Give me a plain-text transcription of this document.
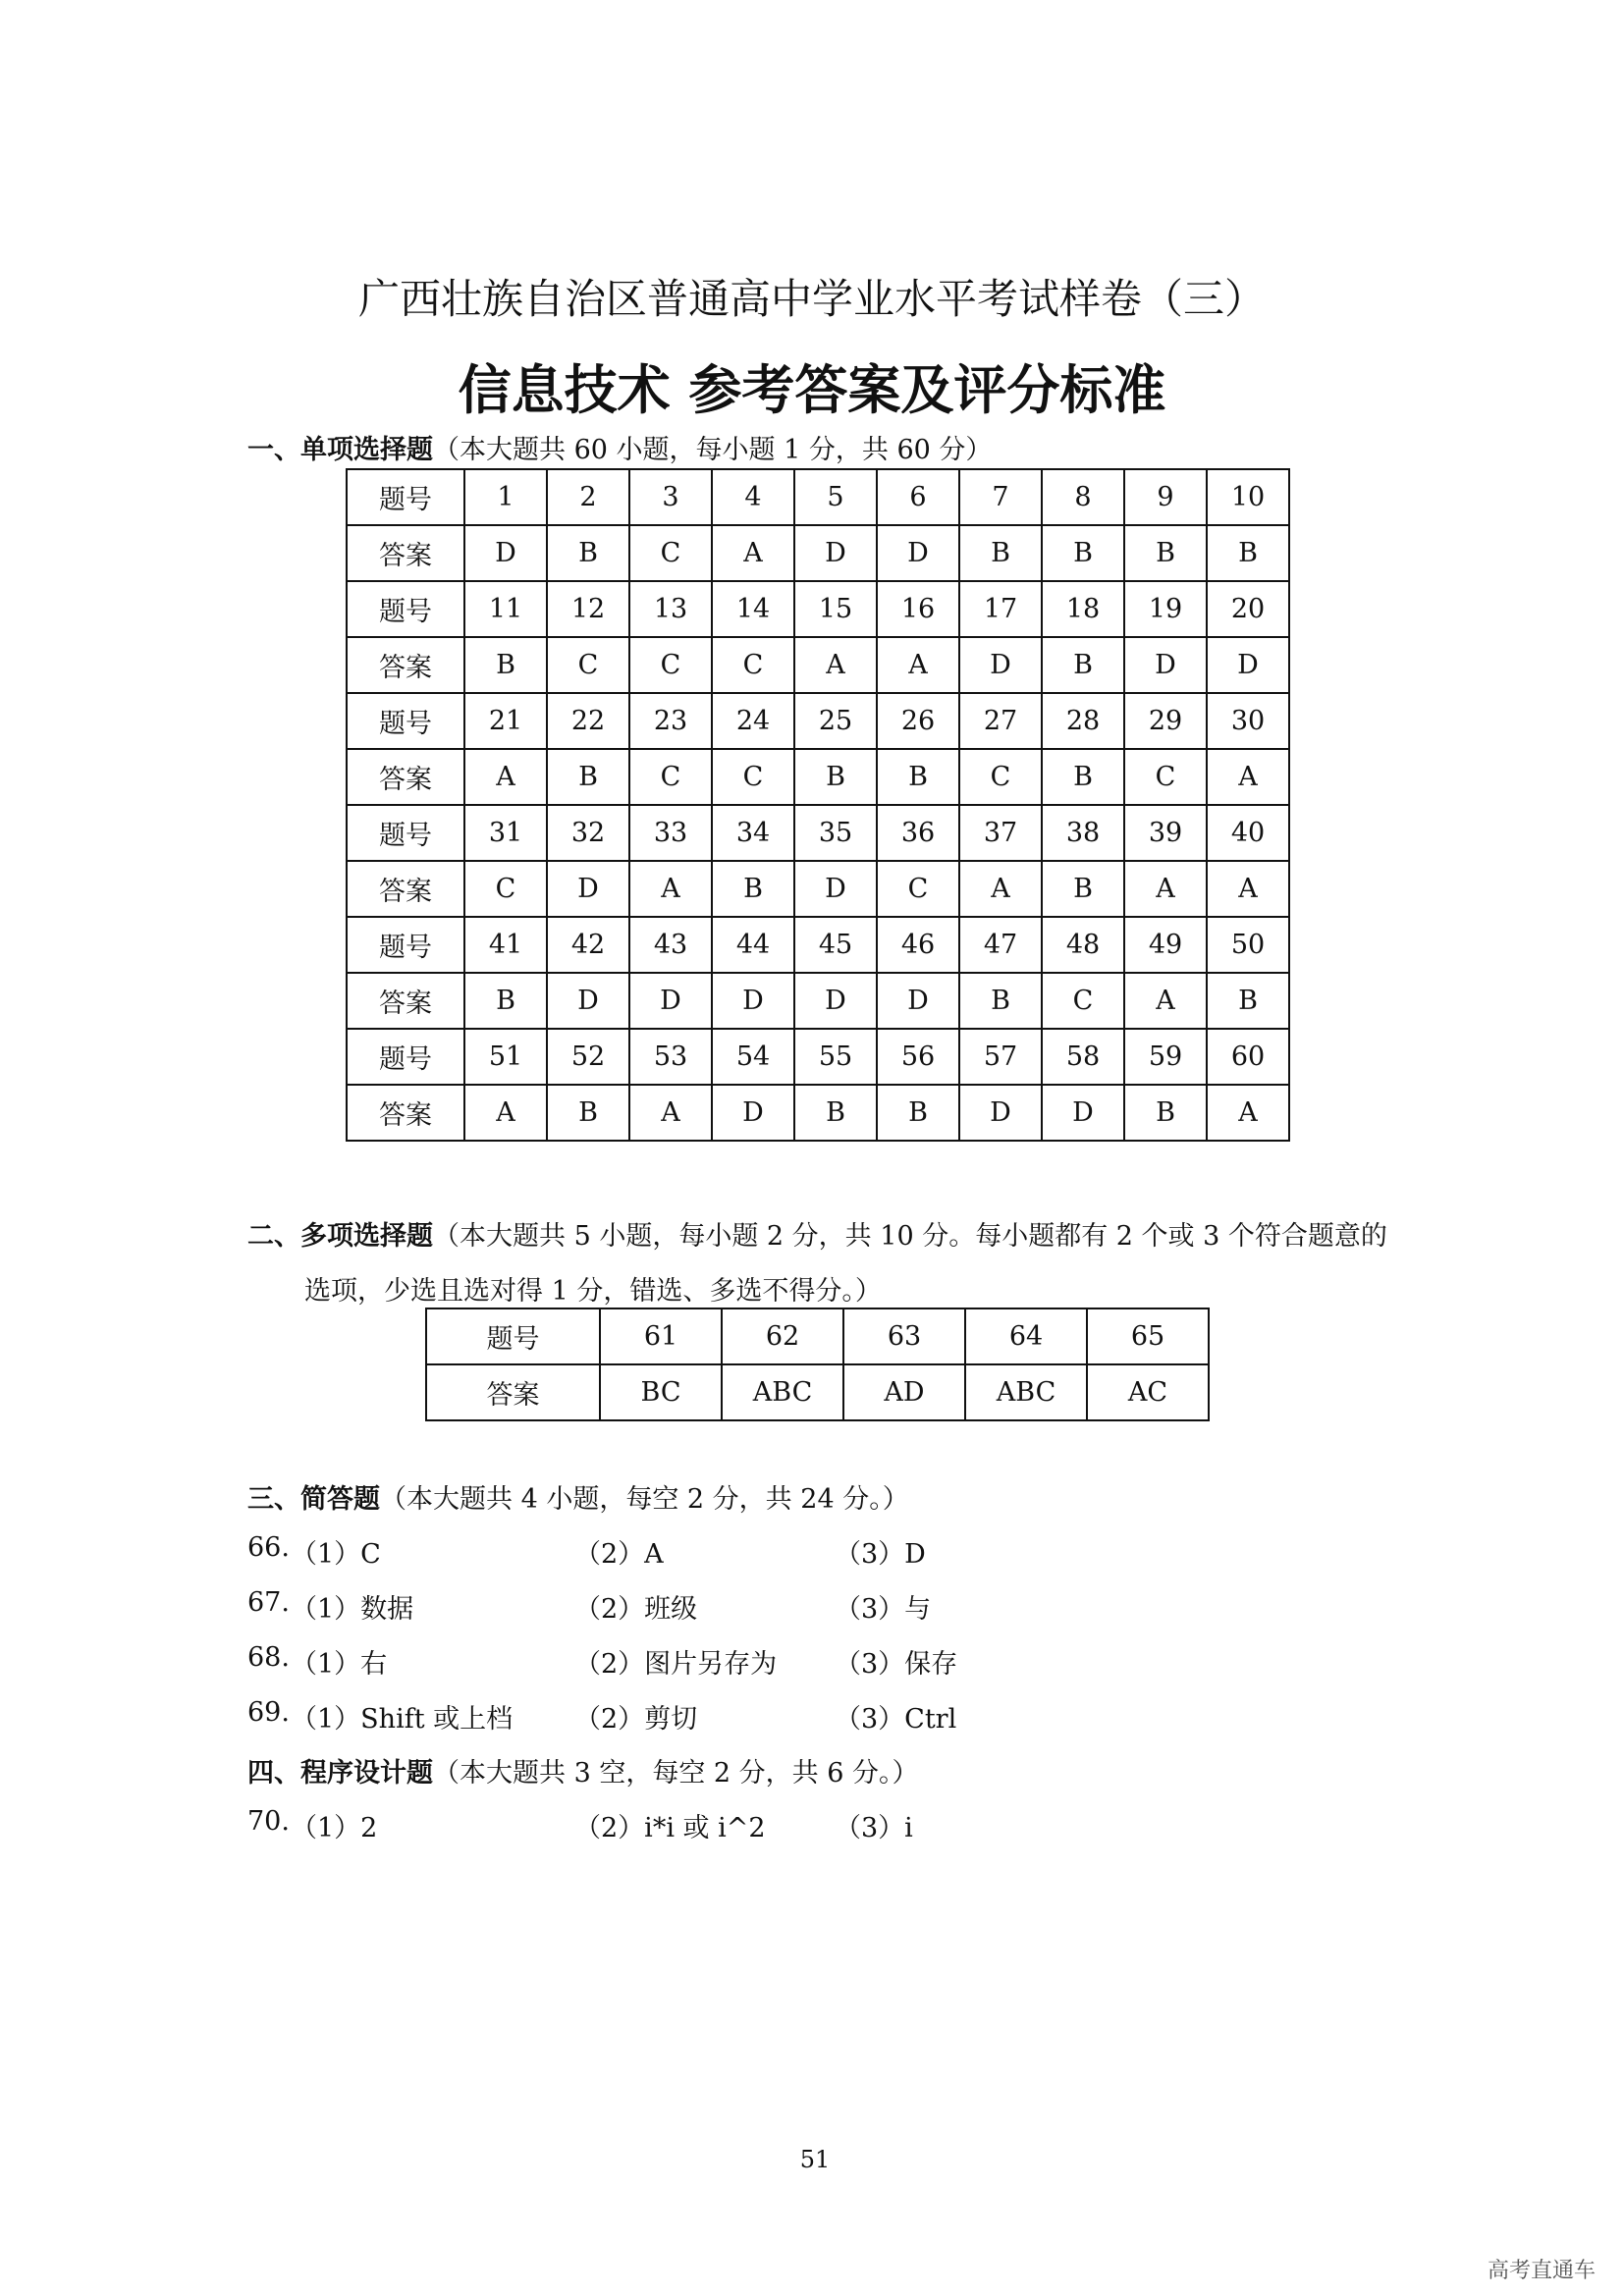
广西壮族自治区普通高中学业水平考试样卷（三）
信息技术 参考答案及评分标准
一、单项选择题（本大题共 60 小题，每小题 1 分，共 60 分）
题号	1	2	3	4	5	6	7	8	9	10
答案	D	B	C	A	D	D	B	B	B	B
题号	11	12	13	14	15	16	17	18	19	20
答案	B	C	C	C	A	A	D	B	D	D
题号	21	22	23	24	25	26	27	28	29	30
答案	A	B	C	C	B	B	C	B	C	A
题号	31	32	33	34	35	36	37	38	39	40
答案	C	D	A	B	D	C	A	B	A	A
题号	41	42	43	44	45	46	47	48	49	50
答案	B	D	D	D	D	D	B	C	A	B
题号	51	52	53	54	55	56	57	58	59	60
答案	A	B	A	D	B	B	D	D	B	A
二、多项选择题（本大题共 5 小题，每小题 2 分，共 10 分。每小题都有 2 个或 3 个符合题意的
选项，少选且选对得 1 分，错选、多选不得分。）
题号	61	62	63	64	65
答案	BC	ABC	AD	ABC	AC
三、简答题（本大题共 4 小题，每空 2 分，共 24 分。）
66. （1）C	（2）A	（3）D
67. （1）数据	（2）班级	（3）与
68. （1）右	（2）图片另存为 （3）保存
69. （1）Shift 或上档 （2）剪切	（3）Ctrl
四、程序设计题（本大题共 3 空，每空 2 分，共 6 分。）
70. （1）2	（2）i*i 或 i^2	（3）i
51
高考直通车
